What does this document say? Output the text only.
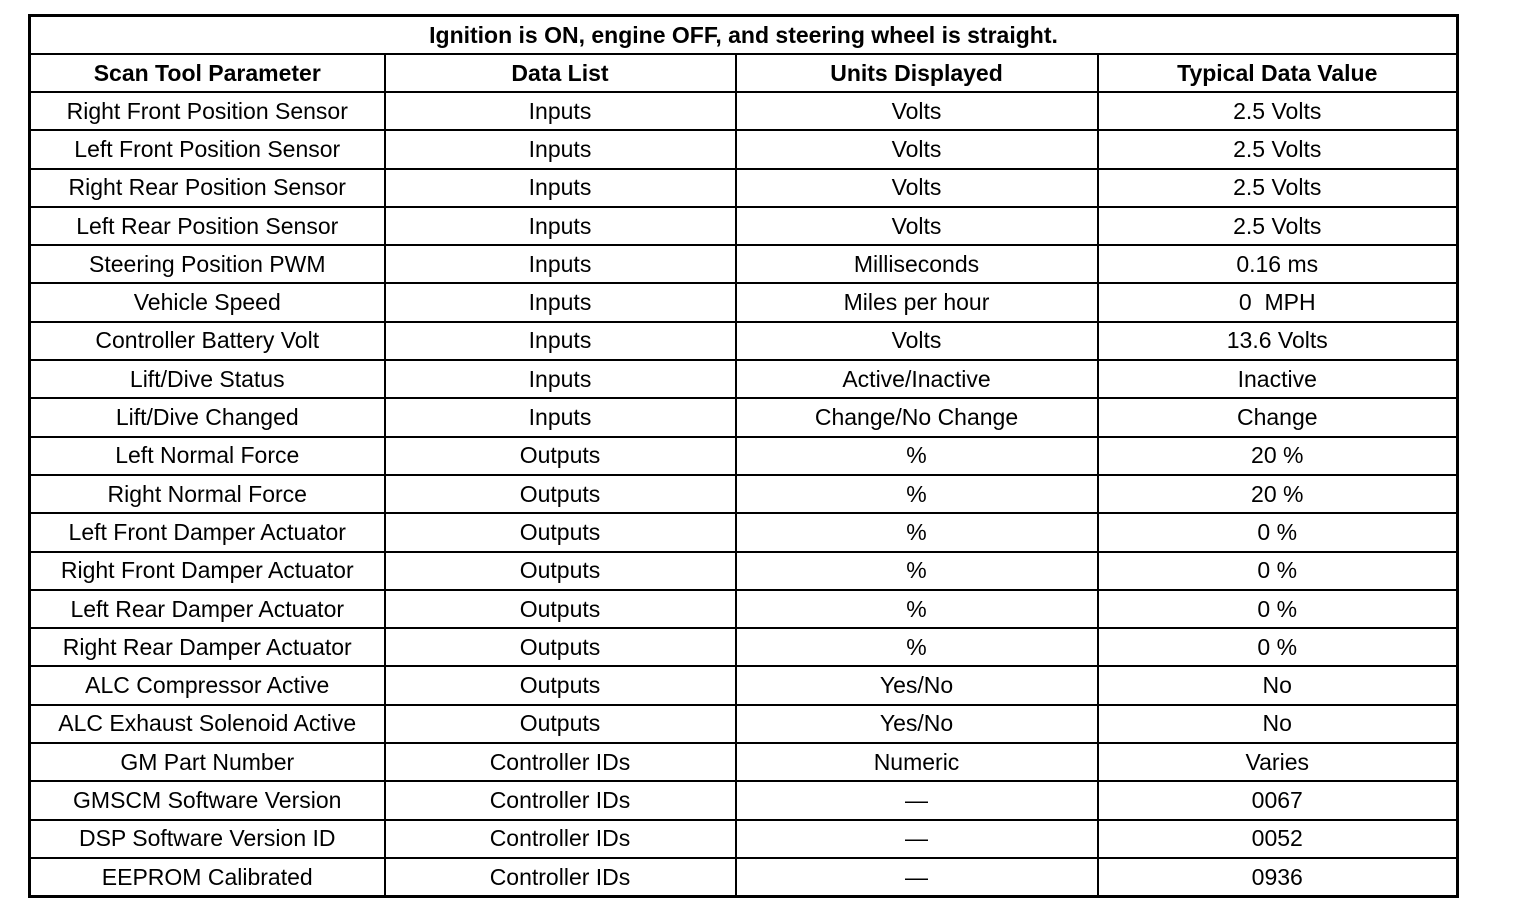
Ignition is ON, engine OFF, and steering wheel is straight.			
Scan Tool Parameter	Data List	Units Displayed	Typical Data Value
Right Front Position Sensor	Inputs	Volts	2.5 Volts
Left Front Position Sensor	Inputs	Volts	2.5 Volts
Right Rear Position Sensor	Inputs	Volts	2.5 Volts
Left Rear Position Sensor	Inputs	Volts	2.5 Volts
Steering Position PWM	Inputs	Milliseconds	0.16 ms
Vehicle Speed	Inputs	Miles per hour	0  MPH
Controller Battery Volt	Inputs	Volts	13.6 Volts
Lift/Dive Status	Inputs	Active/Inactive	Inactive
Lift/Dive Changed	Inputs	Change/No Change	Change
Left Normal Force	Outputs	%	20 %
Right Normal Force	Outputs	%	20 %
Left Front Damper Actuator	Outputs	%	0 %
Right Front Damper Actuator	Outputs	%	0 %
Left Rear Damper Actuator	Outputs	%	0 %
Right Rear Damper Actuator	Outputs	%	0 %
ALC Compressor Active	Outputs	Yes/No	No
ALC Exhaust Solenoid Active	Outputs	Yes/No	No
GM Part Number	Controller IDs	Numeric	Varies
GMSCM Software Version	Controller IDs	—	0067
DSP Software Version ID	Controller IDs	—	0052
EEPROM Calibrated	Controller IDs	—	0936
